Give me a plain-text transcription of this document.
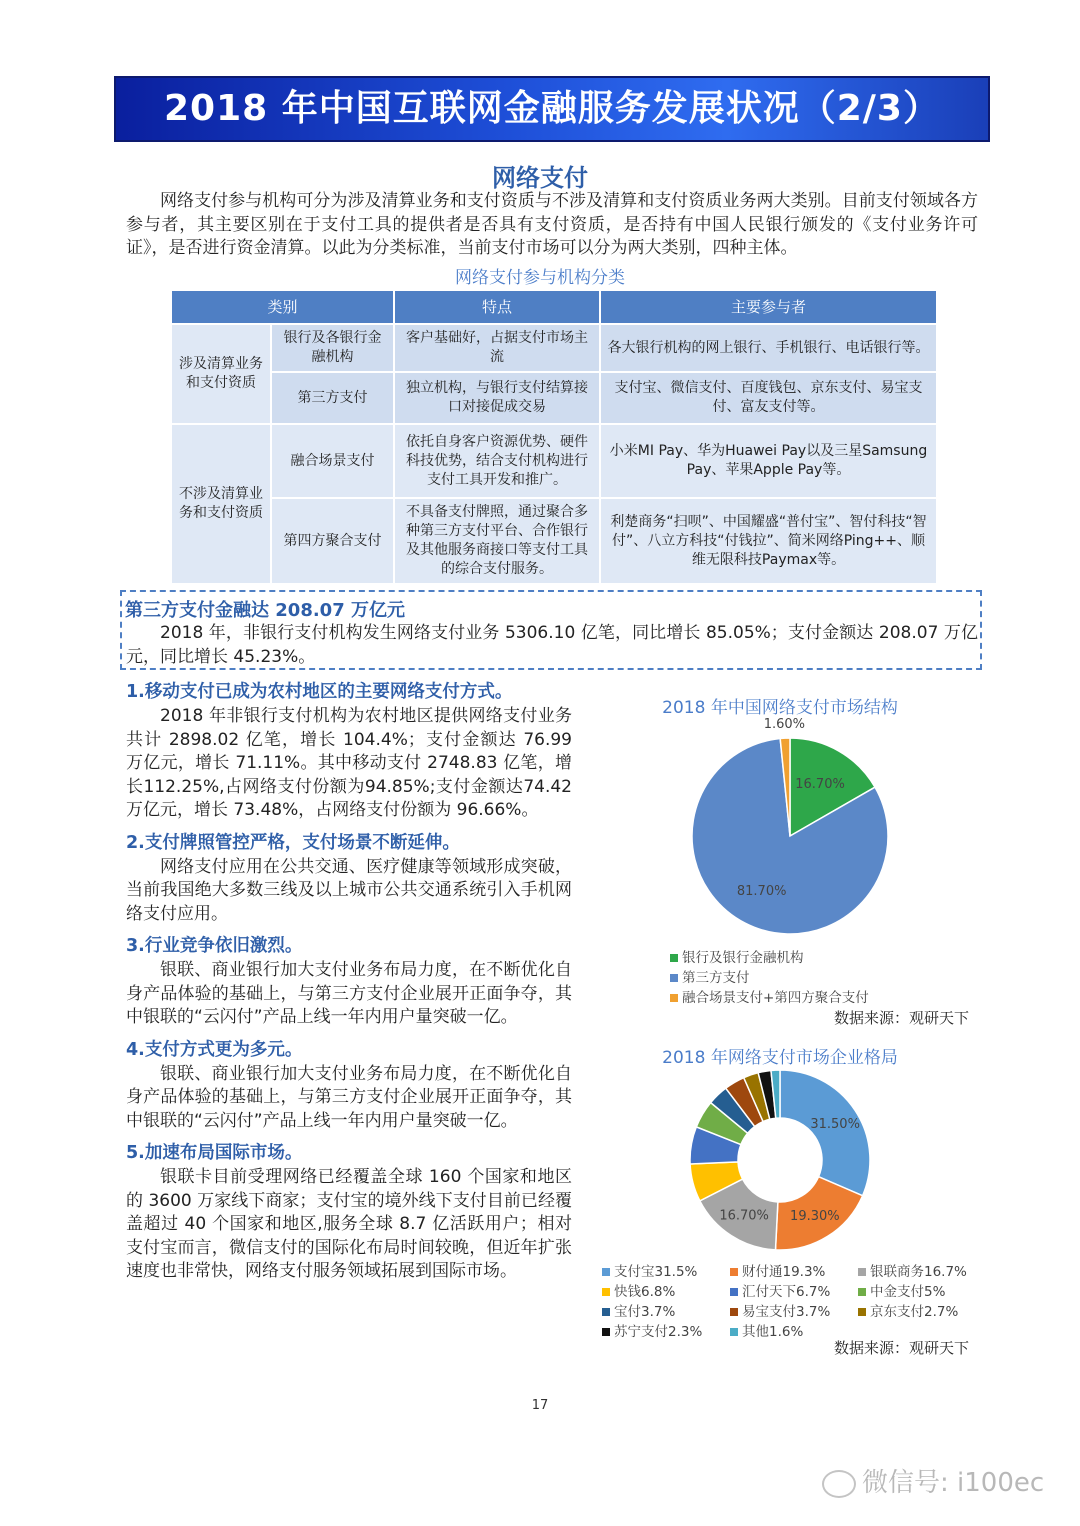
2018 年中国互联网金融服务发展状况（2/3）
网络支付
网络支付参与机构可分为涉及清算业务和支付资质与不涉及清算和支付资质业务两大类别。目前支付领域各方参与者，其主要区别在于支付工具的提供者是否具有支付资质，是否持有中国人民银行颁发的《支付业务许可证》，是否进行资金清算。以此为分类标准，当前支付市场可以分为两大类别，四种主体。
网络支付参与机构分类
类别		特点	主要参与者
涉及清算业务和支付资质	银行及各银行金融机构	客户基础好，占据支付市场主流	各大银行机构的网上银行、手机银行、电话银行等。
	第三方支付	独立机构，与银行支付结算接口对接促成交易	支付宝、微信支付、百度钱包、京东支付、易宝支付、富友支付等。
不涉及清算业务和支付资质	融合场景支付	依托自身客户资源优势、硬件科技优势，结合支付机构进行支付工具开发和推广。	小米MI Pay、华为Huawei Pay以及三星Samsung Pay、苹果Apple Pay等。
	第四方聚合支付	不具备支付牌照，通过聚合多种第三方支付平台、合作银行及其他服务商接口等支付工具的综合支付服务。	利楚商务“扫呗”、中国耀盛“普付宝”、智付科技“智付”、八立方科技“付钱拉”、简米网络Ping++、顺维无限科技Paymax等。
第三方支付金融达 208.07 万亿元
2018 年，非银行支付机构发生网络支付业务 5306.10 亿笔，同比增长 85.05%；支付金额达 208.07 万亿元，同比增长 45.23%。
1.移动支付已成为农村地区的主要网络支付方式。
2018 年非银行支付机构为农村地区提供网络支付业务共计 2898.02 亿笔，增长 104.4%；支付金额达 76.99 万亿元，增长 71.11%。其中移动支付 2748.83 亿笔，增长112.25%,占网络支付份额为94.85%;支付金额达74.42 万亿元，增长 73.48%，占网络支付份额为 96.66%。
2.支付牌照管控严格，支付场景不断延伸。
网络支付应用在公共交通、医疗健康等领域形成突破，当前我国绝大多数三线及以上城市公共交通系统引入手机网络支付应用。
3.行业竞争依旧激烈。
银联、商业银行加大支付业务布局力度，在不断优化自身产品体验的基础上，与第三方支付企业展开正面争夺，其中银联的“云闪付”产品上线一年内用户量突破一亿。
4.支付方式更为多元。
银联、商业银行加大支付业务布局力度，在不断优化自身产品体验的基础上，与第三方支付企业展开正面争夺，其中银联的“云闪付”产品上线一年内用户量突破一亿。
5.加速布局国际市场。
银联卡目前受理网络已经覆盖全球 160 个国家和地区的 3600 万家线下商家；支付宝的境外线下支付目前已经覆盖超过 40 个国家和地区,服务全球 8.7 亿活跃用户；相对支付宝而言，微信支付的国际化布局时间较晚，但近年扩张速度也非常快，网络支付服务领域拓展到国际市场。
2018 年中国网络支付市场结构
16.70%
81.70%
1.60%
银行及银行金融机构
第三方支付
融合场景支付+第四方聚合支付

数据来源：观研天下
2018 年网络支付市场企业格局
31.50%
19.30%
16.70%
支付宝31.5%	财付通19.3%	银联商务16.7%
快钱6.8%	汇付天下6.7%	中金支付5%
宝付3.7%	易宝支付3.7%	京东支付2.7%
苏宁支付2.3%	其他1.6%
数据来源：观研天下
17
微信号: i100ec
